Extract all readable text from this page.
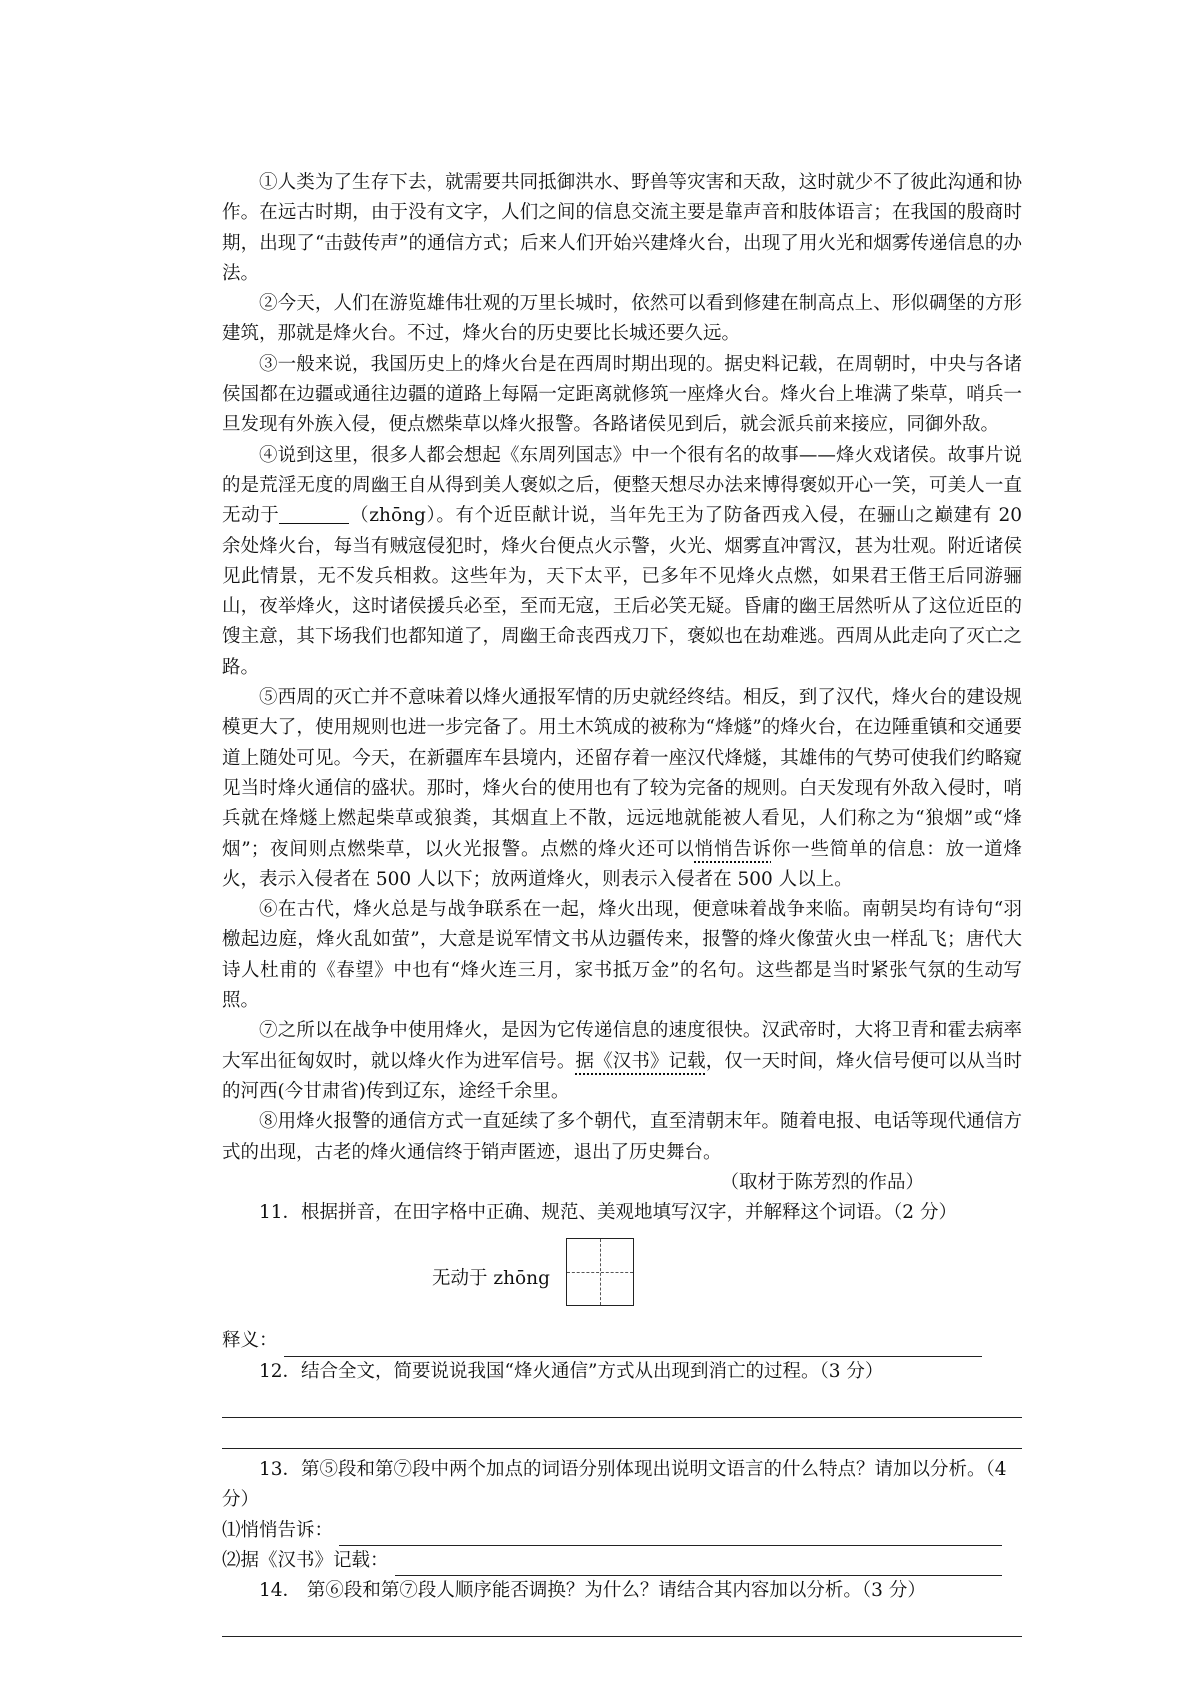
①人类为了生存下去，就需要共同抵御洪水、野兽等灾害和天敌，这时就少不了彼此沟通和协作。在远古时期，由于没有文字，人们之间的信息交流主要是靠声音和肢体语言；在我国的殷商时期，出现了“击鼓传声”的通信方式；后来人们开始兴建烽火台，出现了用火光和烟雾传递信息的办法。

②今天，人们在游览雄伟壮观的万里长城时，依然可以看到修建在制高点上、形似碉堡的方形建筑，那就是烽火台。不过，烽火台的历史要比长城还要久远。

③一般来说，我国历史上的烽火台是在西周时期出现的。据史料记载，在周朝时，中央与各诸侯国都在边疆或通往边疆的道路上每隔一定距离就修筑一座烽火台。烽火台上堆满了柴草，哨兵一旦发现有外族入侵，便点燃柴草以烽火报警。各路诸侯见到后，就会派兵前来接应，同御外敌。

④说到这里，很多人都会想起《东周列国志》中一个很有名的故事——烽火戏诸侯。故事片说的是荒淫无度的周幽王自从得到美人褒姒之后，便整天想尽办法来博得褒姒开心一笑，可美人一直无动于	（zhōng）。有个近臣献计说，当年先王为了防备西戎入侵，在骊山之巅建有 20 余处烽火台，每当有贼寇侵犯时，烽火台便点火示警，火光、烟雾直冲霄汉，甚为壮观。附近诸侯见此情景，无不发兵相救。这些年为，天下太平，已多年不见烽火点燃，如果君王偕王后同游骊山，夜举烽火，这时诸侯援兵必至，至而无寇，王后必笑无疑。昏庸的幽王居然听从了这位近臣的馊主意，其下场我们也都知道了，周幽王命丧西戎刀下，褒姒也在劫难逃。西周从此走向了灭亡之路。

⑤西周的灭亡并不意味着以烽火通报军情的历史就经终结。相反，到了汉代，烽火台的建设规模更大了，使用规则也进一步完备了。用土木筑成的被称为“烽燧”的烽火台，在边陲重镇和交通要道上随处可见。今天，在新疆库车县境内，还留存着一座汉代烽燧，其雄伟的气势可使我们约略窥见当时烽火通信的盛状。那时，烽火台的使用也有了较为完备的规则。白天发现有外敌入侵时，哨兵就在烽燧上燃起柴草或狼粪，其烟直上不散，远远地就能被人看见，人们称之为“狼烟”或“烽烟”；夜间则点燃柴草，以火光报警。点燃的烽火还可以悄悄告诉你一些简单的信息：放一道烽火，表示入侵者在 500 人以下；放两道烽火，则表示入侵者在 500 人以上。

⑥在古代，烽火总是与战争联系在一起，烽火出现，便意味着战争来临。南朝吴均有诗句“羽檄起边庭，烽火乱如萤”，大意是说军情文书从边疆传来，报警的烽火像萤火虫一样乱飞；唐代大诗人杜甫的《春望》中也有“烽火连三月，家书抵万金”的名句。这些都是当时紧张气氛的生动写照。

⑦之所以在战争中使用烽火，是因为它传递信息的速度很快。汉武帝时，大将卫青和霍去病率大军出征匈奴时，就以烽火作为进军信号。据《汉书》记载，仅一天时间，烽火信号便可以从当时的河西(今甘肃省)传到辽东，途经千余里。

⑧用烽火报警的通信方式一直延续了多个朝代，直至清朝末年。随着电报、电话等现代通信方式的出现，古老的烽火通信终于销声匿迹，退出了历史舞台。

（取材于陈芳烈的作品）

11．根据拼音，在田字格中正确、规范、美观地填写汉字，并解释这个词语。（2 分）

无动于 zhōng
释义：

12．结合全文，简要说说我国“烽火通信”方式从出现到消亡的过程。（3 分）

13．第⑤段和第⑦段中两个加点的词语分别体现出说明文语言的什么特点？请加以分析。（4 分）

⑴悄悄告诉：
⑵据《汉书》记载：

14． 第⑥段和第⑦段人顺序能否调换？为什么？请结合其内容加以分析。（3 分）
